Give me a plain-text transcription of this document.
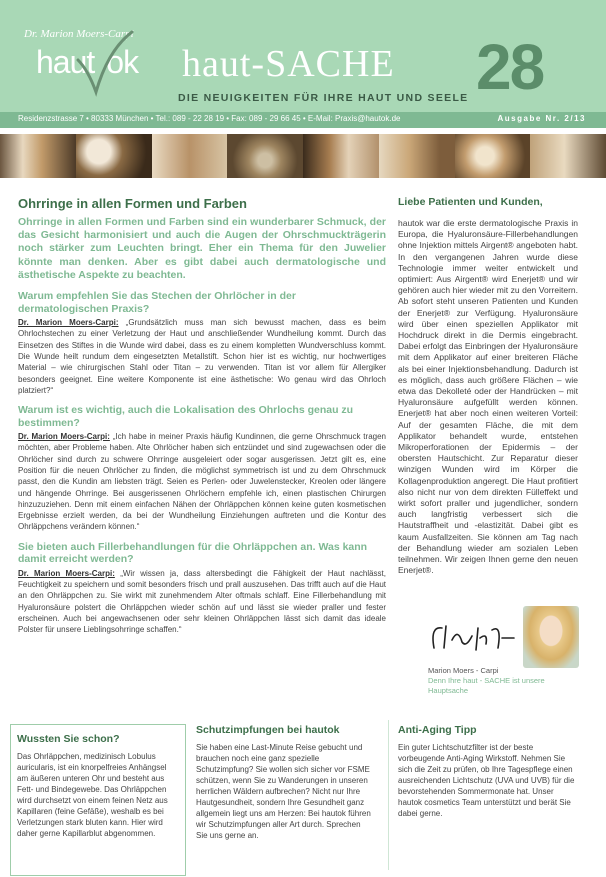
Dr. Marion Moers-Carpi
haut ok haut-SACHE
DIE NEUIGKEITEN FÜR IHRE HAUT UND SEELE 28
Residenzstrasse 7 • 80333 München • Tel.: 089 - 22 28 19 • Fax: 089 - 29 66 45 • E-Mail: Praxis@hautok.de	Ausgabe Nr. 2/13
Ohrringe in allen Formen und Farben

Ohrringe in allen Formen und Farben sind ein wunderbarer Schmuck, der das Gesicht harmonisiert und auch die Augen der Ohrschmuckträgerin noch stärker zum Leuchten bringt. Eher ein Thema für den Juwelier könnte man denken. Aber es gibt dabei auch dermatologische und ästhetische Aspekte zu beachten.

Warum empfehlen Sie das Stechen der Ohrlöcher in der dermatologischen Praxis?

Dr. Marion Moers-Carpi: „Grundsätzlich muss man sich bewusst machen, dass es beim Ohrlochstechen zu einer Verletzung der Haut und anschließender Wundheilung kommt. Durch das Einsetzen des Stiftes in die Wunde wird dabei, dass es zu einem kompletten Wundverschluss kommt. Die Wunde heilt rundum dem eingesetzten Metallstift. Schon hier ist es wichtig, nur hochwertiges Material – wie chirurgischen Stahl oder Titan – zu verwenden. Titan ist vor allem für Allergiker besonders geeignet. Eine weitere Komponente ist eine ästhetische: Wo genau wird das Ohrloch platziert?“

Warum ist es wichtig, auch die Lokalisation des Ohrlochs genau zu bestimmen?

Dr. Marion Moers-Carpi: „Ich habe in meiner Praxis häufig Kundinnen, die gerne Ohrschmuck tragen möchten, aber Probleme haben. Alte Ohrlöcher haben sich entzündet und sind zugewachsen oder die Ohrlöcher sind durch zu schwere Ohrringe ausgeleiert oder sogar ausgerissen. Jetzt gilt es, eine Position für die neuen Ohrlöcher zu finden, die möglichst symmetrisch ist und zu dem Ohrschmuck passt, den die Kundin am liebsten trägt. Seien es Perlen- oder Juwelenstecker, Kreolen oder längere und hängende Ohrringe. Bei ausgerissenen Ohrlöchern empfehle ich, einen plastischen Chirurgen hinzuzuziehen. Denn mit einem einfachen Nähen der Ohrläppchen können keine guten kosmetischen Ergebnisse erzielt werden, da bei der Wundheilung Einziehungen auftreten und die Kontur des Ohrläppchens verändern können.“

Sie bieten auch Fillerbehandlungen für die Ohrläppchen an. Was kann damit erreicht werden?

Dr. Marion Moers-Carpi: „Wir wissen ja, dass altersbedingt die Fähigkeit der Haut nachlässt, Feuchtigkeit zu speichern und somit besonders frisch und prall auszusehen. Das trifft auch auf die Haut an den Ohrläppchen zu. Sie wirkt mit zunehmendem Alter oftmals schlaff. Eine Fillerbehandlung mit Hyaluronsäure polstert die Ohrläppchen wieder schön auf und lässt sie wieder praller und fester erscheinen. Auch bei angewachsenen oder sehr kleinen Ohrläppchen lässt sich damit das ideale Polster für unsere Lieblingsohrringe schaffen.“

Liebe Patienten und Kunden,

hautok war die erste dermatologische Praxis in Europa, die Hyaluronsäure-Fillerbehandlungen ohne Injektion mittels Airgent® angeboten habt. In den vergangenen Jahren wurde diese Technologie immer weiter entwickelt und optimiert: Aus Airgent® wird Enerjet® und wir gehören auch hier wieder mit zu den Vorreitern. Ab sofort steht unseren Patienten und Kunden der Enerjet® zur Verfügung. Hyaluronsäure wird über einen speziellen Applikator mit Hochdruck direkt in die Dermis eingebracht. Dabei erfolgt das Einbringen der Hyaluronsäure mit dem Applikator auf einer breiteren Fläche als bei einer Injektionsbehandlung. Dadurch ist es möglich, dass auch größere Flächen – wie etwa das Dekolleté oder der Handrücken – mit Hyaluronsäure aufgefüllt werden können. Enerjet® hat aber noch einen weiteren Vorteil: Auf der gesamten Fläche, die mit dem Applikator behandelt wurde, entstehen Mikroperforationen der Epidermis – der obersten Hautschicht. Zur Reparatur dieser winzigen Wunden wird im Körper die Kollagenproduktion angeregt. Die Haut profitiert also nicht nur von dem direkten Fülleffekt und wirkt sofort praller und jugendlicher, sondern auch langfristig verbessert sich die Hautstraffheit und -elastizität. Dabei gibt es kaum Ausfallzeiten. Sie können am Tag nach der Behandlung wieder am sozialen Leben teilnehmen. Wir zeigen Ihnen gerne den neuen Enerjet®.

Marion Moers - Carpi
Denn Ihre haut - SACHE ist unsere Hauptsache
Wussten Sie schon?

Das Ohrläppchen, medizinisch Lobulus auricularis, ist ein knorpelfreies Anhängsel am äußeren unteren Ohr und besteht aus Fett- und Bindegewebe. Das Ohrläppchen wird durchsetzt von einem feinen Netz aus Kapillaren (feine Gefäße), weshalb es bei Verletzungen stark bluten kann. Hier wird daher gerne Kapillarblut abgenommen.

Schutzimpfungen bei hautok

Sie haben eine Last-Minute Reise gebucht und brauchen noch eine ganz spezielle Schutzimpfung? Sie wollen sich sicher vor FSME schützen, wenn Sie zu Wanderungen in unseren herrlichen Wäldern aufbrechen? Nicht nur Ihre Hautgesundheit, sondern Ihre Gesundheit ganz allgemein liegt uns am Herzen: Bei hautok führen wir Schutzimpfungen aller Art durch. Sprechen Sie uns gerne an.

Anti-Aging Tipp

Ein guter Lichtschutzfilter ist der beste vorbeugende Anti-Aging Wirkstoff. Nehmen Sie sich die Zeit zu prüfen, ob Ihre Tagespflege einen ausreichenden Lichtschutz (UVA und UVB) für die bevorstehenden Sommermonate hat. Unser hautok cosmetics Team unterstützt und berät Sie dabei gerne.
